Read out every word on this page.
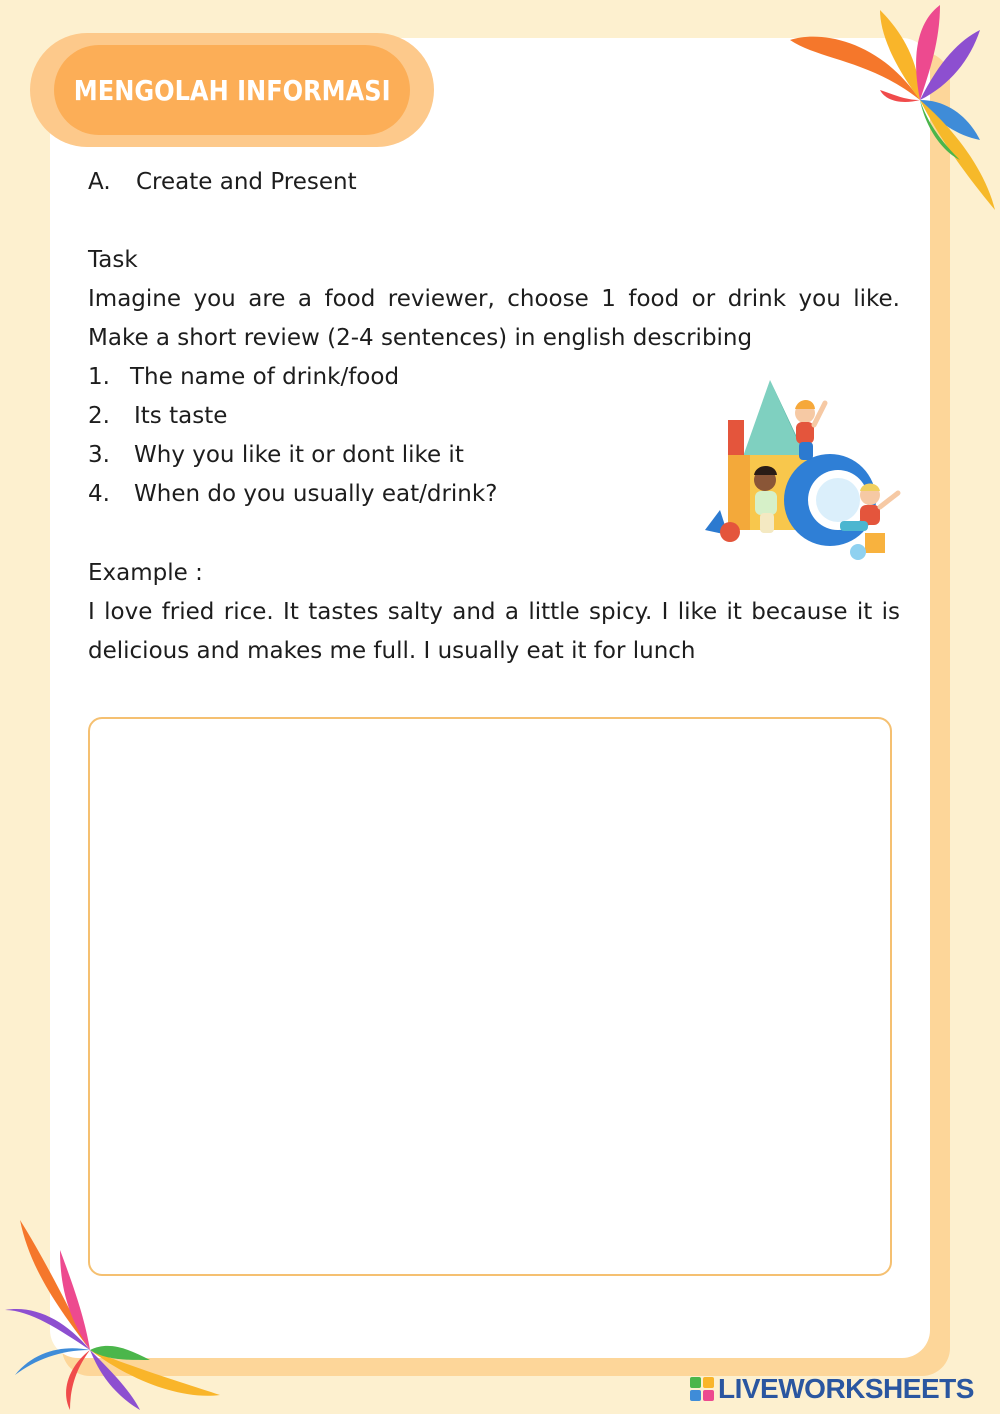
MENGOLAH INFORMASI
A.	Create and Present
Task
Imagine you are a food reviewer, choose 1 food or drink you like. Make a short review (2-4 sentences) in english describing
1. The name of drink/food
2.	Its taste
3.	Why you like it or dont like it
4.	When do you usually eat/drink?
Example :
I love fried rice. It tastes salty and a little spicy. I like it because it is delicious and makes me full. I usually eat it for lunch
LIVEWORKSHEETS
